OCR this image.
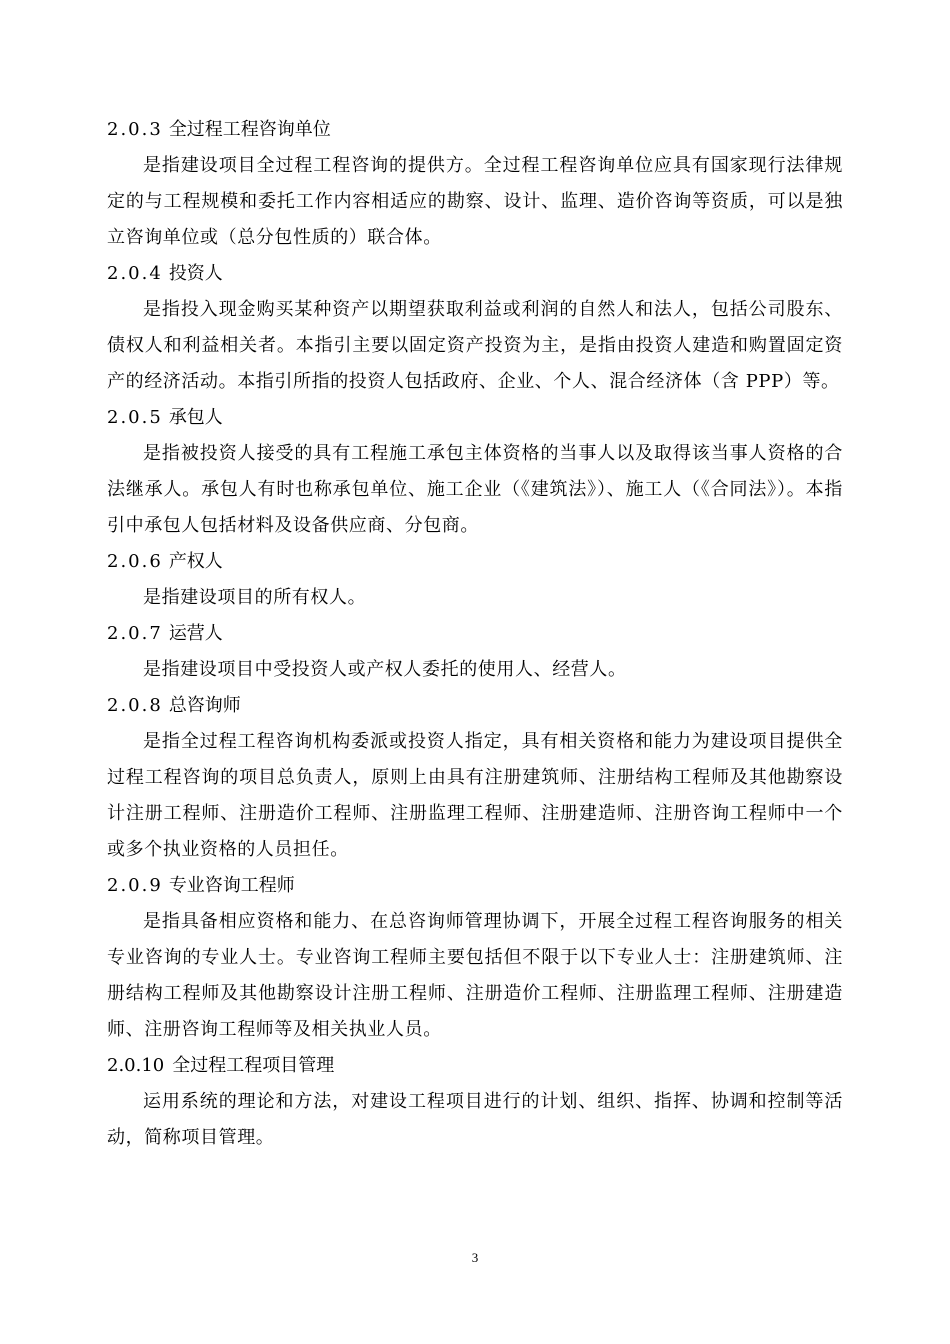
2.0.3 全过程工程咨询单位

是指建设项目全过程工程咨询的提供方。全过程工程咨询单位应具有国家现行法律规定的与工程规模和委托工作内容相适应的勘察、设计、监理、造价咨询等资质，可以是独立咨询单位或（总分包性质的）联合体。

2.0.4 投资人

是指投入现金购买某种资产以期望获取利益或利润的自然人和法人，包括公司股东、债权人和利益相关者。本指引主要以固定资产投资为主，是指由投资人建造和购置固定资产的经济活动。本指引所指的投资人包括政府、企业、个人、混合经济体（含 PPP）等。

2.0.5 承包人

是指被投资人接受的具有工程施工承包主体资格的当事人以及取得该当事人资格的合法继承人。承包人有时也称承包单位、施工企业（《建筑法》）、施工人（《合同法》）。本指引中承包人包括材料及设备供应商、分包商。

2.0.6 产权人

是指建设项目的所有权人。

2.0.7 运营人

是指建设项目中受投资人或产权人委托的使用人、经营人。

2.0.8 总咨询师

是指全过程工程咨询机构委派或投资人指定，具有相关资格和能力为建设项目提供全过程工程咨询的项目总负责人，原则上由具有注册建筑师、注册结构工程师及其他勘察设计注册工程师、注册造价工程师、注册监理工程师、注册建造师、注册咨询工程师中一个或多个执业资格的人员担任。

2.0.9 专业咨询工程师

是指具备相应资格和能力、在总咨询师管理协调下，开展全过程工程咨询服务的相关专业咨询的专业人士。专业咨询工程师主要包括但不限于以下专业人士：注册建筑师、注册结构工程师及其他勘察设计注册工程师、注册造价工程师、注册监理工程师、注册建造师、注册咨询工程师等及相关执业人员。

2.0.10 全过程工程项目管理

运用系统的理论和方法，对建设工程项目进行的计划、组织、指挥、协调和控制等活动，简称项目管理。

3
